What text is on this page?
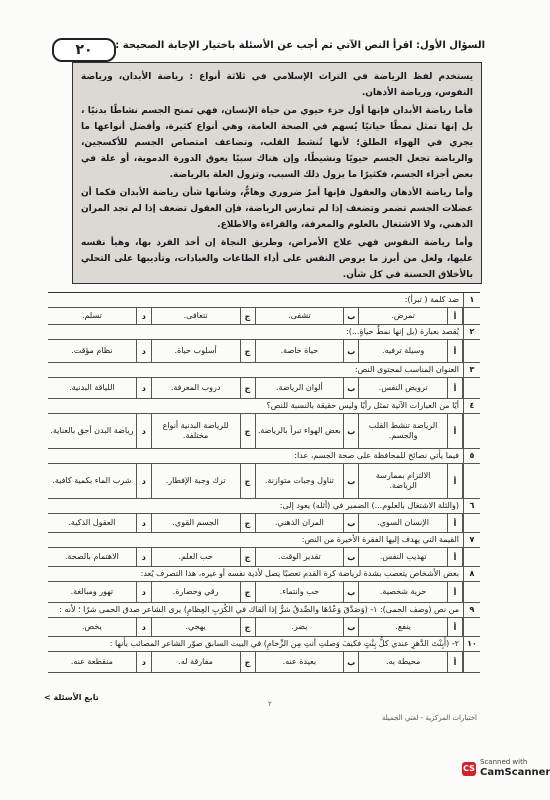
٢٠	السؤال الأول: اقرأ النص الآتي ثم أجب عن الأسئلة باختيار الإجابة الصحيحة :

يستخدم لفظ الرياضة في التراث الإسلامي في ثلاثة أنواع : رياضة الأبدان، ورياضة النفوس، ورياضة الأذهان.

فأما رياضة الأبدان فإنها أول جزء حيوي من حياة الإنسان، فهي تمنح الجسم نشاطًا بدنيًا ، بل إنها تمثل نمطًا حياتيًا يُسهم في الصحة العامة، وهي أنواع كثيرة، وأفضل أنواعها ما يجري في الهواء الطلق؛ لأنها تُنشط القلب، وتضاعف امتصاص الجسم للأكسجين، والرياضة تجعل الجسم حيويًا ونشيطًا، وإن هناك سببًا يعوق الدورة الدموية، أو علة في بعض أجزاء الجسم، فكثيرًا ما يزول ذلك السبب، وتزول العلة بالرياضة.

وأما رياضة الأذهان والعقول فإنها أمرٌ ضروري وهامٌّ، وشأنها شأن رياضة الأبدان فكما أن عضلات الجسم تضمر وتضعف إذا لم تمارس الرياضة، فإن العقول تضعف إذا لم تجد المران الذهني، ولا الاشتغال بالعلوم والمعرفة، والقراءة والاطلاع.

وأما رياضة النفوس فهي علاج الأمراض، وطريق النجاة إن أخذ الفرد بها، وهيأ نفسه عليها، ولعل من أبرز ما يروض النفس على أداء الطاعات والعبادات، وتأديبها على التحلي بالأخلاق الحسنة في كل شأن.

١
ضد كلمة ( تبرأ):
أ
تمرض.
ب
تشفى.
ج
تتعافى.
د
تسلم.
٢
يُقصد بعبارة (بل إنها نمطٌ حياةٍ...):
أ
وسيلة ترفيه.
ب
حياة خاصة.
ج
أسلوب حياة.
د
نظام مؤقت.
٣
العنوان المناسب لمحتوى النص:
أ
ترويض النفس.
ب
ألوان الرياضة.
ج
دروب المعرفة.
د
اللياقة البدنية.
٤
أيًا من العبارات الآتية تمثل رأيًا وليس حقيقة بالنسبة للنص؟
أ
الرياضة تنشط القلب والجسم.
ب
بعض الهواء تبرأ بالرياضة.
ج
للرياضة البدنية أنواع مختلفة.
د
رياضة البدن أحق بالعناية.
٥
فيما يأتي نصائح للمحافظة على صحة الجسم، عدا:
أ
الالتزام بممارسة الرياضة.
ب
تناول وجبات متوازنة.
ج
ترك وجبة الإفطار.
د
شرب الماء بكمية كافية.
٦
(والثلة الاشتغال بالعلوم...) الضمير في (أثله) يعود إلى:
أ
الإنسان السوي.
ب
المران الذهني.
ج
الجسم القوي.
د
العقول الذكية.
٧
القيمة التي يهدف إليها الفقرة الأخيرة من النص:
أ
تهذيب النفس.
ب
تقدير الوقت.
ج
حب العلم.
د
الاهتمام بالصحة.
٨
بعض الأشخاص يتعصب بشدة لرياضة كرة القدم تعصبًا يصل لأذية نفسه أو غيره، هذا التصرف يُعد:
أ
حرية شخصية.
ب
حب وانتماء.
ج
رقي وحضارة.
د
تهور ومبالغة.
٩
من نص (وصف الحمى): ١- (وَصَدَّقَ وَعْدُهَا والصِّدقُ شرٌّ إذا ألقاك في الكُرَبِ العِظامِ) يرى الشاعر صدق الحمى شرًا ؛ لأنه :
أ
ينفع.
ب
يضر.
ج
يهجي.
د
يخص.
١٠
٢- (أَبِنْتَ الدَّهرِ عندي كلُّ بِنْتٍ فكيفَ وَصلتِ أنتِ مِن الزِّحامِ) في البيت السابق صوّر الشاعر المصائب بأنها :
أ
محيطة به.
ب
بعيدة عنه.
ج
مفارقة له.
د
منقطعة عنه.
تابع الأسئلة >
٢
اختبارات المركزية - لغتي الجميلة
CS
Scanned with
CamScanner
